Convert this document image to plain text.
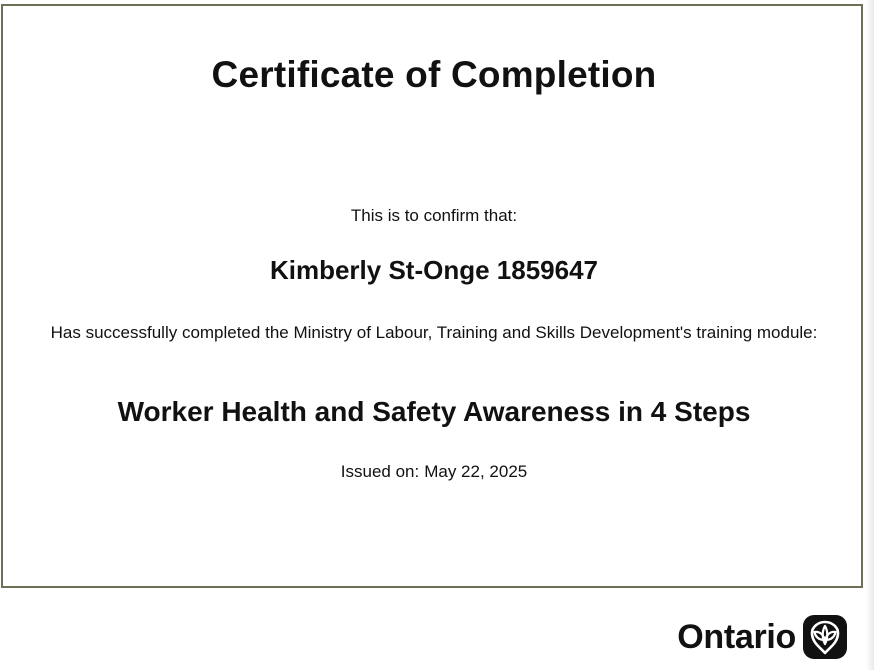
Certificate of Completion
This is to confirm that:
Kimberly St-Onge 1859647
Has successfully completed the Ministry of Labour, Training and Skills Development's training module:
Worker Health and Safety Awareness in 4 Steps
Issued on: May 22, 2025
Ontario
